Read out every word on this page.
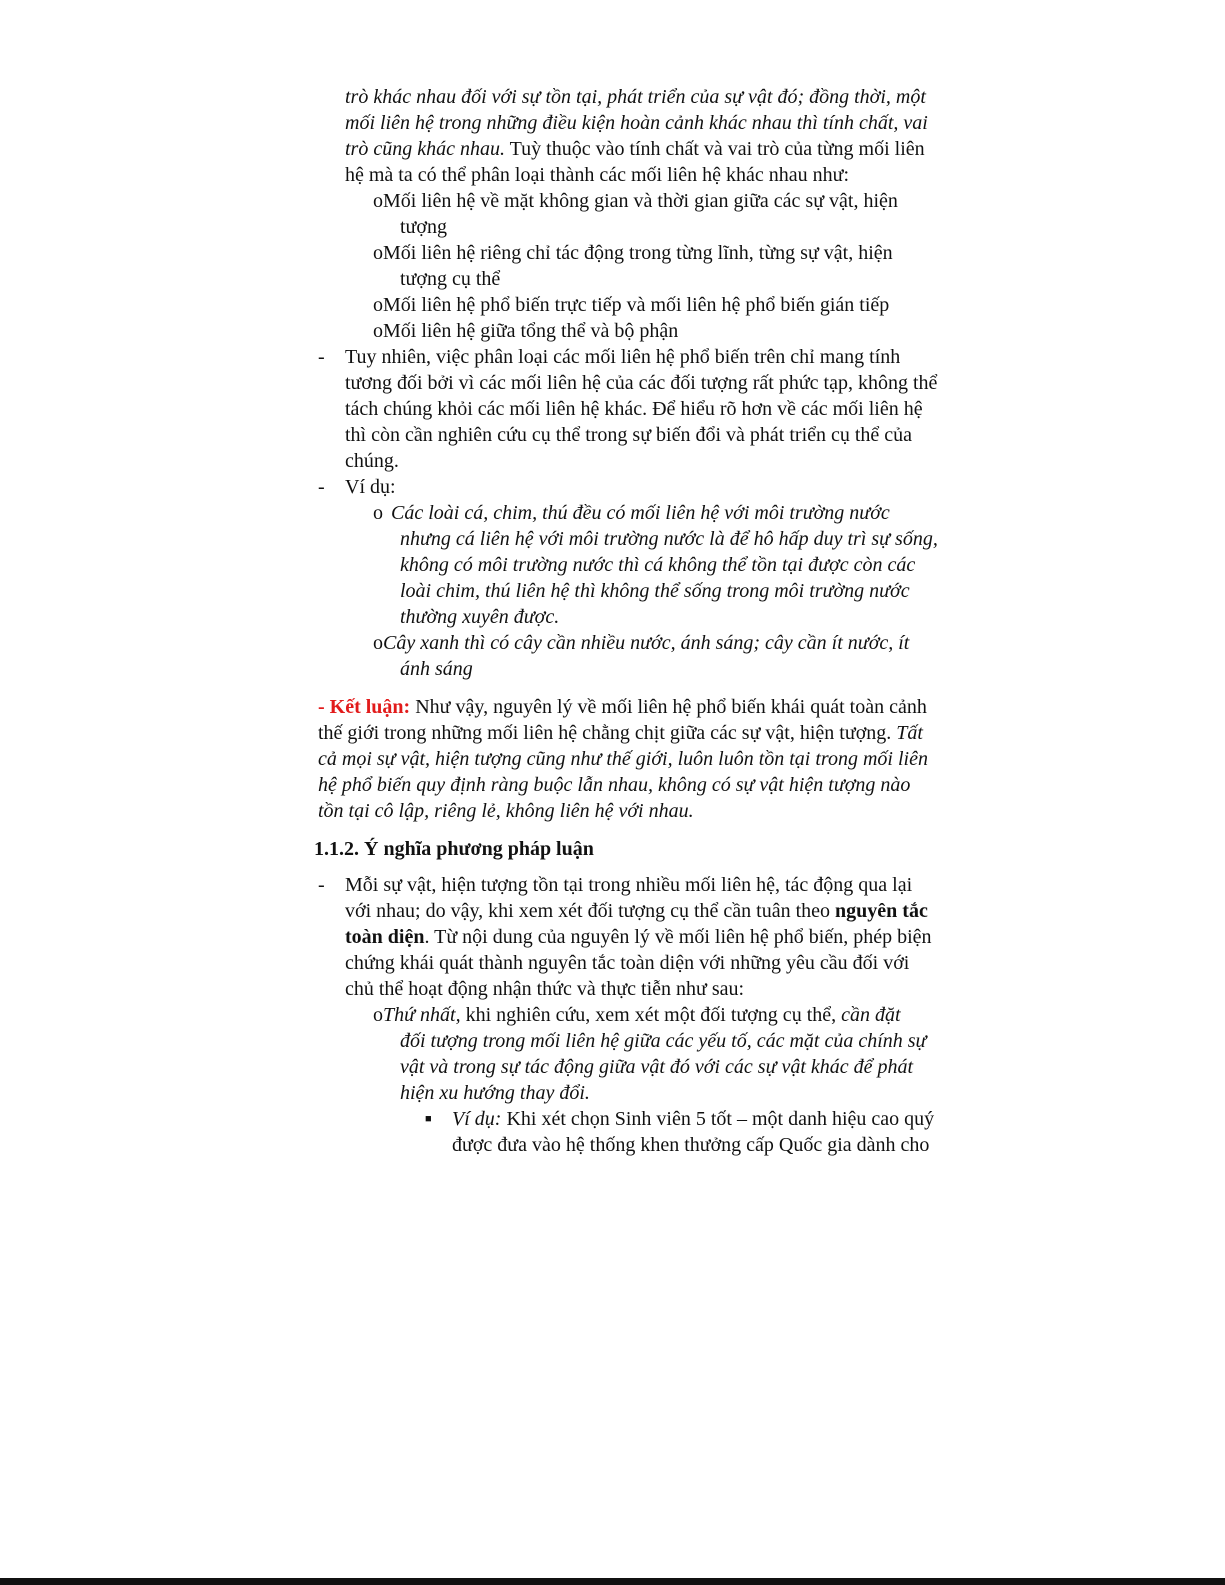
trò khác nhau đối với sự tồn tại, phát triển của sự vật đó; đồng thời, một
mối liên hệ trong những điều kiện hoàn cảnh khác nhau thì tính chất, vai
trò cũng khác nhau. Tuỳ thuộc vào tính chất và vai trò của từng mối liên
hệ mà ta có thể phân loại thành các mối liên hệ khác nhau như:
oMối liên hệ về mặt không gian và thời gian giữa các sự vật, hiện
tượng
oMối liên hệ riêng chỉ tác động trong từng lĩnh, từng sự vật, hiện
tượng cụ thể
oMối liên hệ phổ biến trực tiếp và mối liên hệ phổ biến gián tiếp
oMối liên hệ giữa tổng thể và bộ phận
- Tuy nhiên, việc phân loại các mối liên hệ phổ biến trên chỉ mang tính
tương đối bởi vì các mối liên hệ của các đối tượng rất phức tạp, không thể
tách chúng khỏi các mối liên hệ khác. Để hiểu rõ hơn về các mối liên hệ
thì còn cần nghiên cứu cụ thể trong sự biến đổi và phát triển cụ thể của
chúng.
- Ví dụ:
o Các loài cá, chim, thú đều có mối liên hệ với môi trường nước
nhưng cá liên hệ với môi trường nước là để hô hấp duy trì sự sống,
không có môi trường nước thì cá không thể tồn tại được còn các
loài chim, thú liên hệ thì không thể sống trong môi trường nước
thường xuyên được.
oCây xanh thì có cây cần nhiều nước, ánh sáng; cây cần ít nước, ít
ánh sáng
- Kết luận: Như vậy, nguyên lý về mối liên hệ phổ biến khái quát toàn cảnh
thế giới trong những mối liên hệ chằng chịt giữa các sự vật, hiện tượng. Tất
cả mọi sự vật, hiện tượng cũng như thế giới, luôn luôn tồn tại trong mối liên
hệ phổ biến quy định ràng buộc lẫn nhau, không có sự vật hiện tượng nào
tồn tại cô lập, riêng lẻ, không liên hệ với nhau.
1.1.2. Ý nghĩa phương pháp luận
- Mỗi sự vật, hiện tượng tồn tại trong nhiều mối liên hệ, tác động qua lại
với nhau; do vậy, khi xem xét đối tượng cụ thể cần tuân theo nguyên tắc
toàn diện. Từ nội dung của nguyên lý về mối liên hệ phổ biến, phép biện
chứng khái quát thành nguyên tắc toàn diện với những yêu cầu đối với
chủ thể hoạt động nhận thức và thực tiễn như sau:
oThứ nhất, khi nghiên cứu, xem xét một đối tượng cụ thể, cần đặt
đối tượng trong mối liên hệ giữa các yếu tố, các mặt của chính sự
vật và trong sự tác động giữa vật đó với các sự vật khác để phát
hiện xu hướng thay đổi.
■ Ví dụ: Khi xét chọn Sinh viên 5 tốt – một danh hiệu cao quý
được đưa vào hệ thống khen thưởng cấp Quốc gia dành cho
